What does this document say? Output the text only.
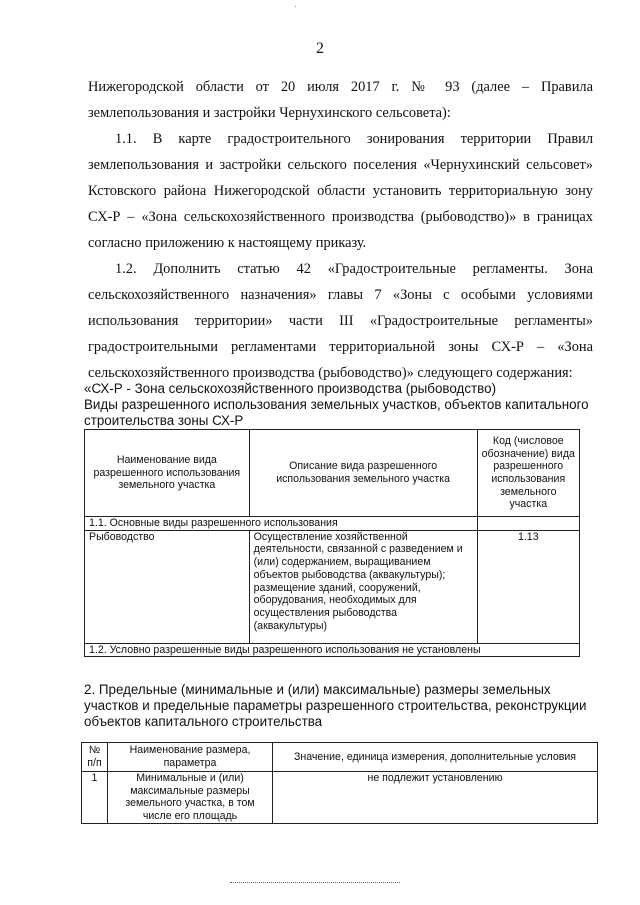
2
Нижегородской области от 20 июля 2017 г. № 93 (далее – Правила
землепользования и застройки Чернухинского сельсовета):
1.1. В карте градостроительного зонирования территории Правил
землепользования и застройки сельского поселения «Чернухинский сельсовет»
Кстовского района Нижегородской области установить территориальную зону
СХ-Р – «Зона сельскохозяйственного производства (рыбоводство)» в границах
согласно приложению к настоящему приказу.
1.2. Дополнить статью 42 «Градостроительные регламенты. Зона
сельскохозяйственного назначения» главы 7 «Зоны с особыми условиями
использования территории» части III «Градостроительные регламенты»
градостроительными регламентами территориальной зоны СХ-Р – «Зона
сельскохозяйственного производства (рыбоводство)» следующего содержания:
«СХ-Р - Зона сельскохозяйственного производства (рыбоводство)
Виды разрешенного использования земельных участков, объектов капитального
строительства зоны СХ-Р
Наименование вида разрешенного использования земельного участка	Описание вида разрешенного использования земельного участка	Код (числовое обозначение) вида разрешенного использования земельного участка
1.1. Основные виды разрешенного использования		
Рыбоводство	Осуществление хозяйственной деятельности, связанной с разведением и (или) содержанием, выращиванием объектов рыбоводства (аквакультуры); размещение зданий, сооружений, оборудования, необходимых для осуществления рыбоводства (аквакультуры)	1.13
1.2. Условно разрешенные виды разрешенного использования не установлены		
2. Предельные (минимальные и (или) максимальные) размеры земельных
участков и предельные параметры разрешенного строительства, реконструкции
объектов капитального строительства
№ п/п	Наименование размера, параметра	Значение, единица измерения, дополнительные условия
1	Минимальные и (или) максимальные размеры земельного участка, в том числе его площадь	не подлежит установлению
